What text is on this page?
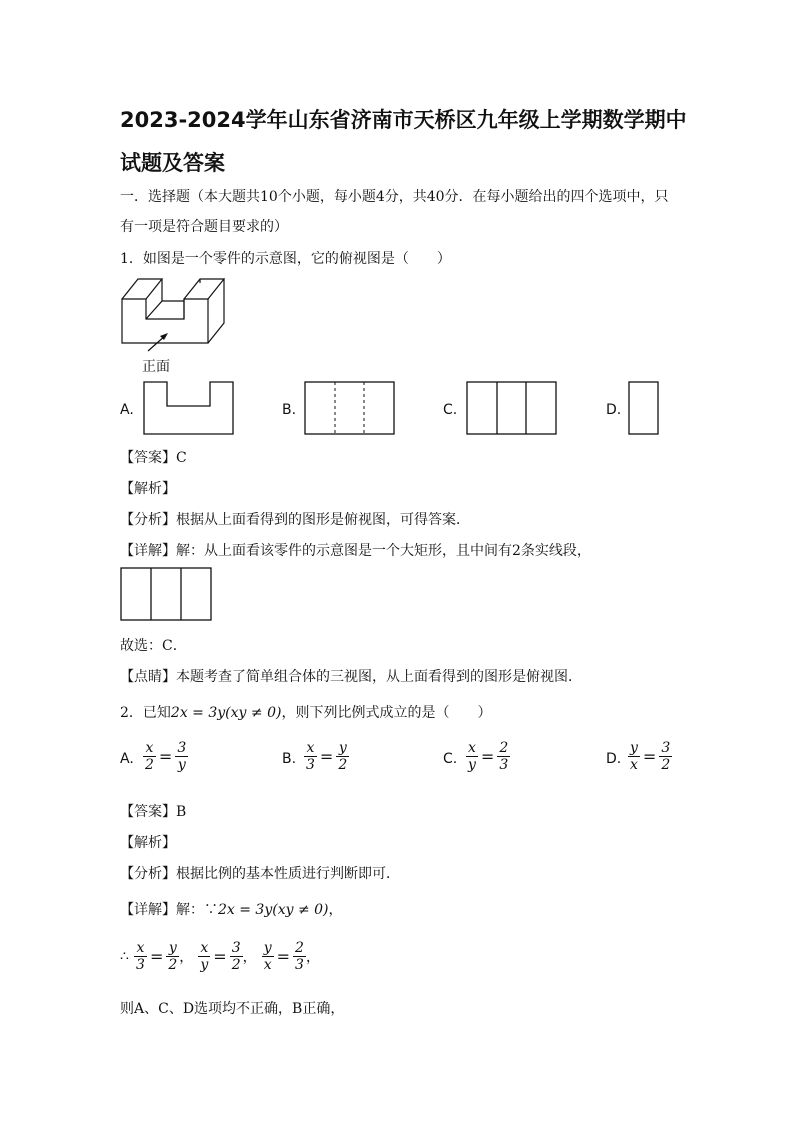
2023-2024学年山东省济南市天桥区九年级上学期数学期中
试题及答案
一．选择题（本大题共10个小题，每小题4分，共40分．在每小题给出的四个选项中，只
有一项是符合题目要求的）
1．如图是一个零件的示意图，它的俯视图是（　　）
正面
A.	B.	C.	D.
【答案】C
【解析】
【分析】根据从上面看得到的图形是俯视图，可得答案．
【详解】解：从上面看该零件的示意图是一个大矩形，且中间有2条实线段，
故选：C．
【点睛】本题考查了简单组合体的三视图，从上面看得到的图形是俯视图．
2．已知2x = 3y(xy ≠ 0)，则下列比例式成立的是（　　）
A. $\frac{x}{2} = \frac{3}{y}$	B. $\frac{x}{3} = \frac{y}{2}$	C. $\frac{x}{y} = \frac{2}{3}$	D. $\frac{y}{x} = \frac{3}{2}$
【答案】B
【解析】
【分析】根据比例的基本性质进行判断即可．
【详解】解：∵2x = 3y(xy ≠ 0)，
∴ $\frac{x}{3} = \frac{y}{2}$ ， $\frac{x}{y} = \frac{3}{2}$ ， $\frac{y}{x} = \frac{2}{3}$ ，
则A、C、D选项均不正确，B正确，
